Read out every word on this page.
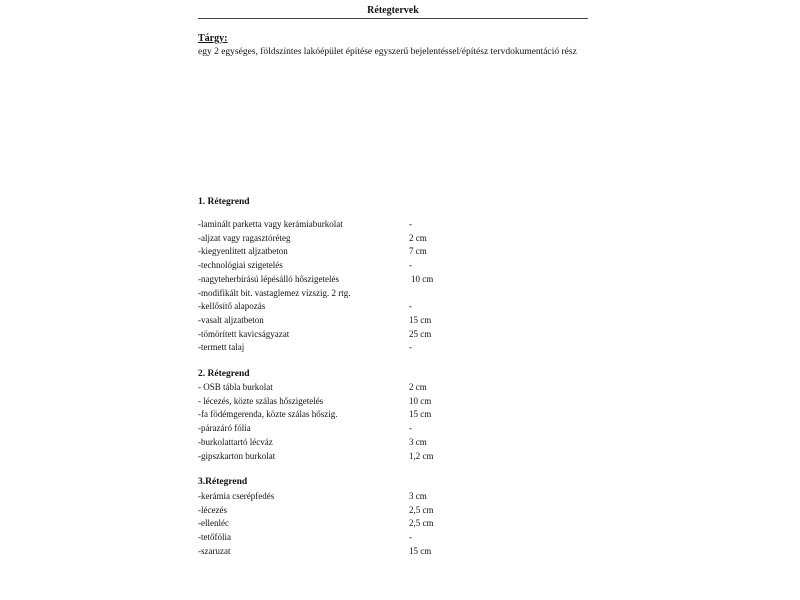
Rétegtervek
Tárgy:
egy 2 egységes, földszintes lakóépület építése egyszerű bejelentéssel/építész tervdokumentáció rész
1. Rétegrend
-laminált parketta vagy kerámiaburkolat	-
-aljzat vagy ragasztóréteg	2 cm
-kiegyenlített aljzatbeton	7 cm
-technológiai szigetelés	-
-nagyteherbírású lépésálló hőszigetelés	10 cm
-modifikált bit. vastaglemez vízszig. 2 rtg.
-kellősítő alapozás	-
-vasalt aljzatbeton	15 cm
-tömörített kavicságyazat	25 cm
-termett talaj	-
2. Rétegrend
- OSB tábla burkolat	2 cm
- lécezés, közte szálas hőszigetelés	10 cm
-fa födémgerenda, közte szálas hőszig.	15 cm
-párazáró fólia	-
-burkolattartó lécváz	3 cm
-gipszkarton burkolat	1,2 cm
3.Rétegrend
-kerámia cserépfedés	3 cm
-lécezés	2,5 cm
-ellenléc	2,5 cm
-tetőfólia	-
-szaruzat	15 cm
